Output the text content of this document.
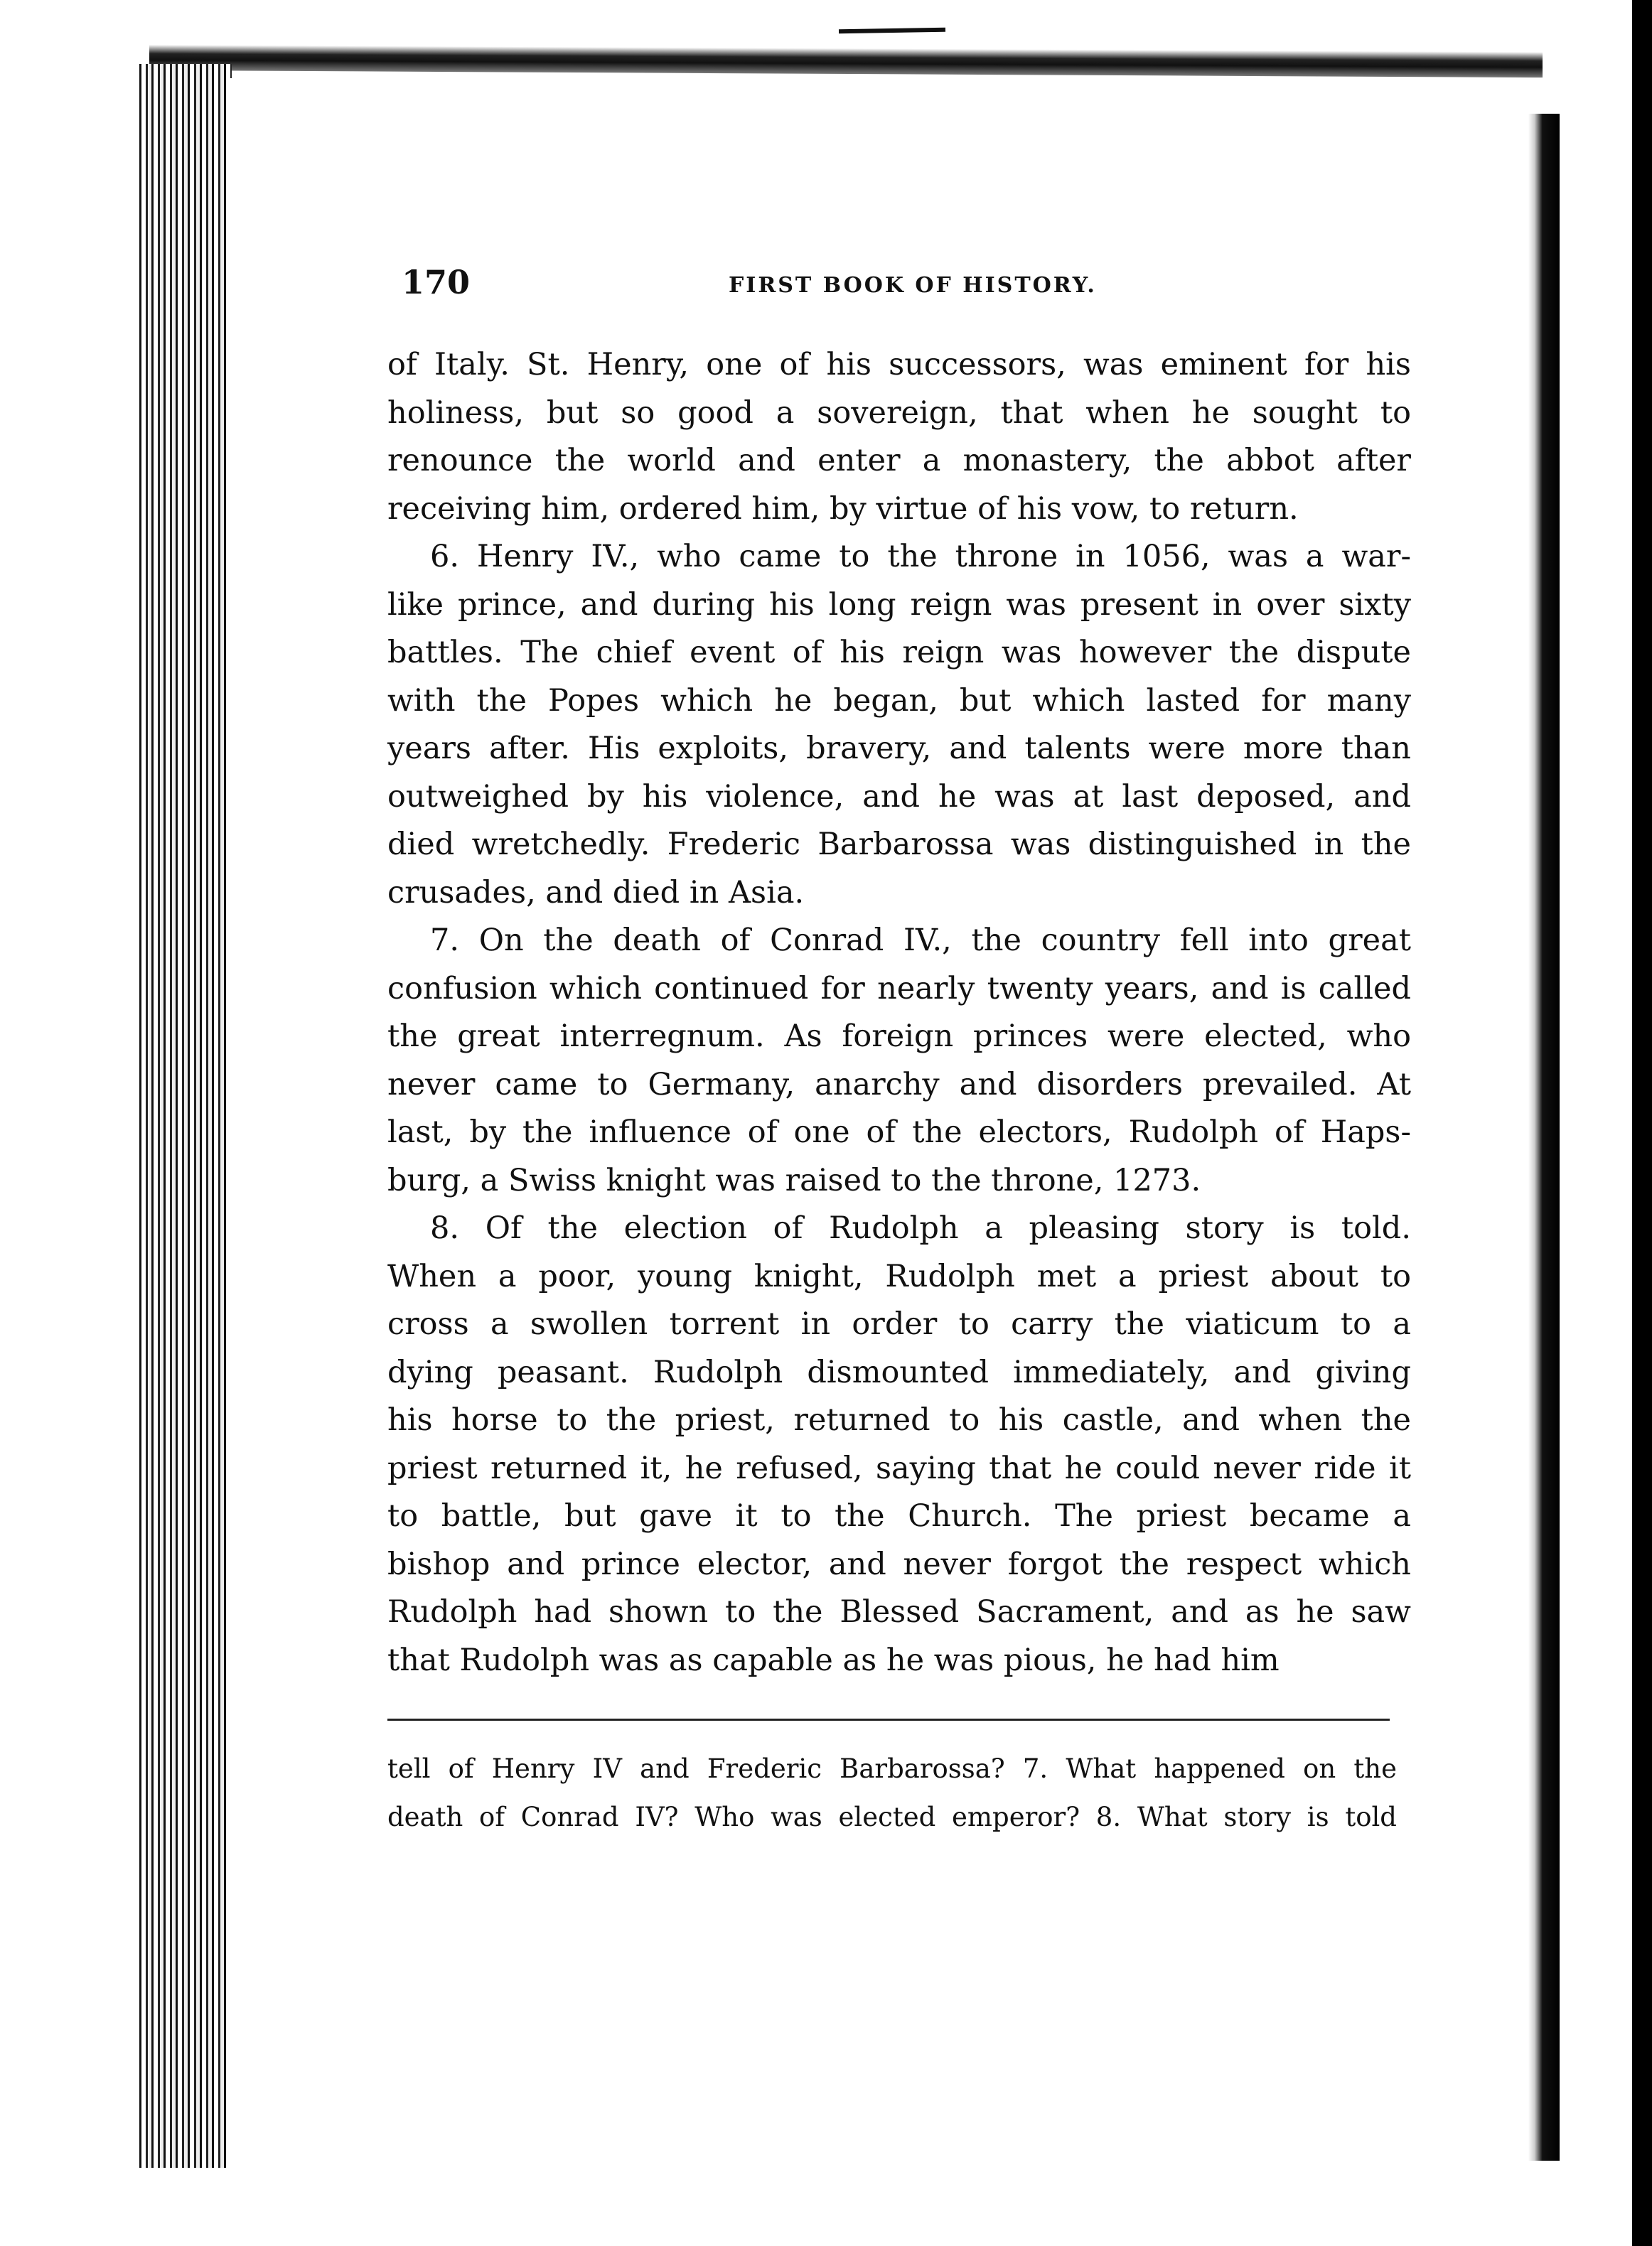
e
e
i
c
c
a
si
g
—
of
ar
V.
su
170	FIRST BOOK OF HISTORY.
of Italy. St. Henry, one of his successors, was eminent for his
holiness, but so good a sovereign, that when he sought to
renounce the world and enter a monastery, the abbot after
receiving him, ordered him, by virtue of his vow, to return.
6. Henry IV., who came to the throne in 1056, was a war-
like prince, and during his long reign was present in over sixty
battles. The chief event of his reign was however the dispute
with the Popes which he began, but which lasted for many
years after. His exploits, bravery, and talents were more than
outweighed by his violence, and he was at last deposed, and
died wretchedly. Frederic Barbarossa was distinguished in the
crusades, and died in Asia.
7. On the death of Conrad IV., the country fell into great
confusion which continued for nearly twenty years, and is called
the great interregnum. As foreign princes were elected, who
never came to Germany, anarchy and disorders prevailed. At
last, by the influence of one of the electors, Rudolph of Haps-
burg, a Swiss knight was raised to the throne, 1273.
8. Of the election of Rudolph a pleasing story is told.
When a poor, young knight, Rudolph met a priest about to
cross a swollen torrent in order to carry the viaticum to a
dying peasant. Rudolph dismounted immediately, and giving
his horse to the priest, returned to his castle, and when the
priest returned it, he refused, saying that he could never ride it
to battle, but gave it to the Church. The priest became a
bishop and prince elector, and never forgot the respect which
Rudolph had shown to the Blessed Sacrament, and as he saw
that Rudolph was as capable as he was pious, he had him
tell of Henry IV and Frederic Barbarossa? 7. What happened on the
death of Conrad IV? Who was elected emperor? 8. What story is told
